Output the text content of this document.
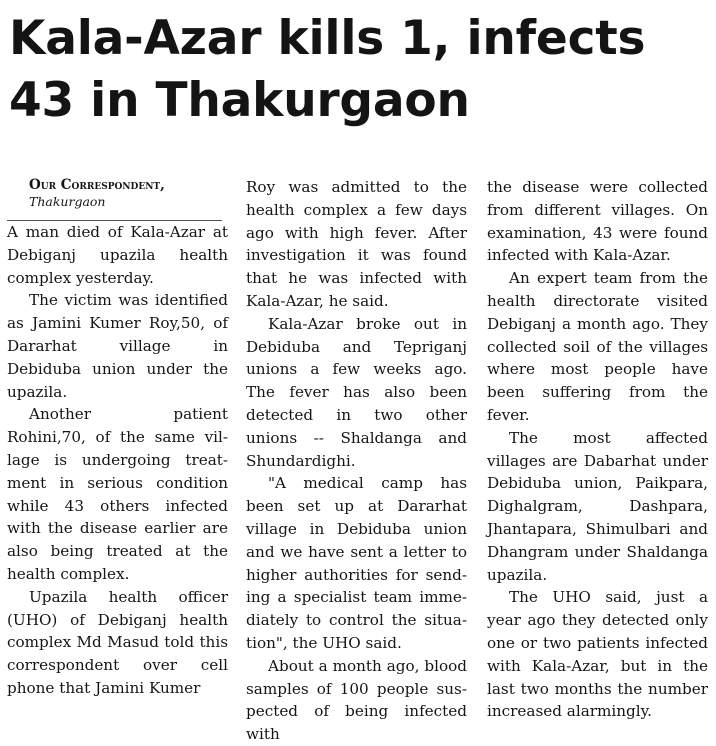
Kala-Azar kills 1, infects 43 in Thakurgaon

Our Correspondent,

Thakurgaon

A man died of Kala-Azar at Debiganj upazila health complex yesterday.

The victim was identified as Jamini Kumer Roy,50, of Dararhat village in Debiduba union under the upazila.

Another patient Rohini,70, of the same vil-lage is undergoing treat-ment in serious condition while 43 others infected with the disease earlier are also being treated at the health complex.

Upazila health officer (UHO) of Debiganj health complex Md Masud told this correspondent over cell phone that Jamini Kumer

Roy was admitted to the health complex a few days ago with high fever. After investigation it was found that he was infected with Kala-Azar, he said.

Kala-Azar broke out in Debiduba and Tepriganj unions a few weeks ago. The fever has also been detected in two other unions -- Shaldanga and Shundardighi.

"A medical camp has been set up at Dararhat village in Debiduba union and we have sent a letter to higher authorities for send-ing a specialist team imme-diately to control the situa-tion", the UHO said.

About a month ago, blood samples of 100 people sus-pected of being infected with

the disease were collected from different villages. On examination, 43 were found infected with Kala-Azar.

An expert team from the health directorate visited Debiganj a month ago. They collected soil of the villages where most people have been suffering from the fever.

The most affected villages are Dabarhat under Debiduba union, Paikpara, Dighalgram, Dashpara, Jhantapara, Shimulbari and Dhangram under Shaldanga upazila.

The UHO said, just a year ago they detected only one or two patients infected with Kala-Azar, but in the last two months the number increased alarmingly.
